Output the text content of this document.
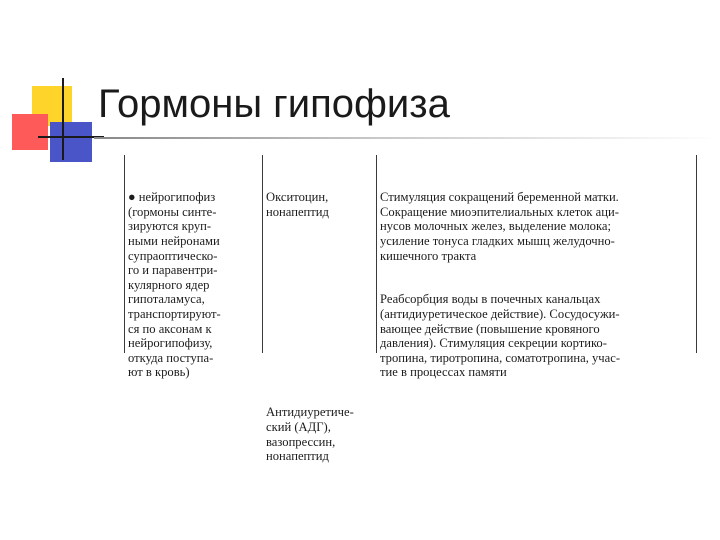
Гормоны гипофиза

● нейрогипофиз
(гормоны синте-
зируются круп-
ными нейронами
супраоптическо-
го и паравентри-
кулярного ядер
гипоталамуса,
транспортируют-
ся по аксонам к
нейрогипофизу,
откуда поступа-
ют в кровь)

Окситоцин,
нонапептид

Антидиуретиче-
ский (АДГ),
вазопрессин,
нонапептид

Стимуляция сокращений беременной матки.
Сокращение миоэпителиальных клеток аци-
нусов молочных желез, выделение молока;
усиление тонуса гладких мышц желудочно-
кишечного тракта

Реабсорбция воды в почечных канальцах
(антидиуретическое действие). Сосудосужи-
вающее действие (повышение кровяного
давления). Стимуляция секреции кортико-
тропина, тиротропина, соматотропина, учас-
тие в процессах памяти
